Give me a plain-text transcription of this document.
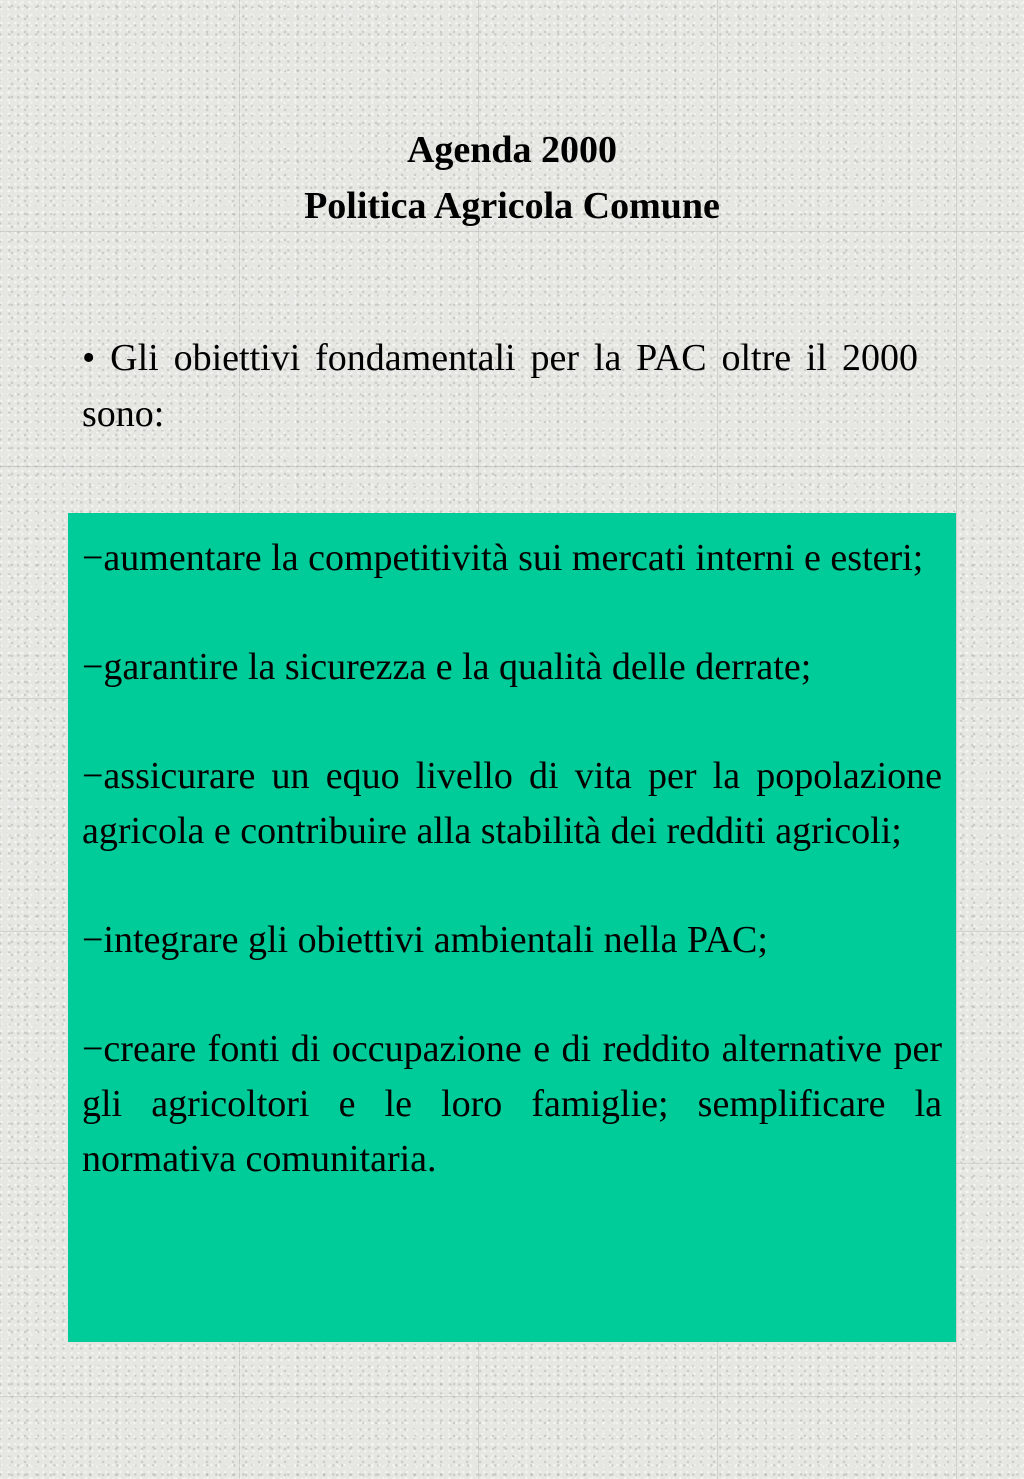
Agenda 2000
Politica Agricola Comune
• Gli obiettivi fondamentali per la PAC oltre il 2000 sono:

−aumentare la competitività sui mercati interni e esteri;

−garantire la sicurezza e la qualità delle derrate;

−assicurare un equo livello di vita per la popolazione agricola e contribuire alla stabilità dei redditi agricoli;

−integrare gli obiettivi ambientali nella PAC;

−creare fonti di occupazione e di reddito alternative per gli agricoltori e le loro famiglie; semplificare la normativa comunitaria.
